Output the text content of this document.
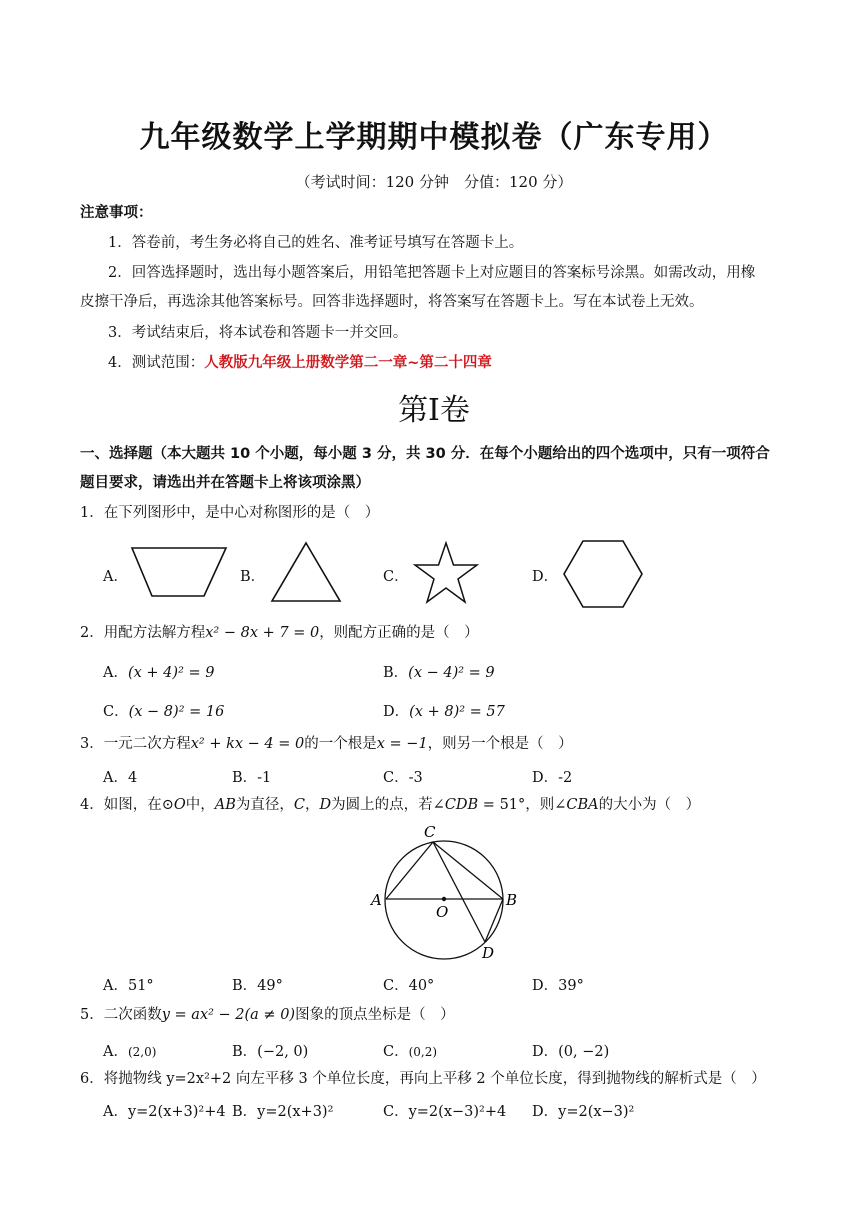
九年级数学上学期期中模拟卷（广东专用）
（考试时间：120 分钟　分值：120 分）
注意事项：
1．答卷前，考生务必将自己的姓名、准考证号填写在答题卡上。
2．回答选择题时，选出每小题答案后，用铅笔把答题卡上对应题目的答案标号涂黑。如需改动，用橡
皮擦干净后，再选涂其他答案标号。回答非选择题时，将答案写在答题卡上。写在本试卷上无效。
3．考试结束后，将本试卷和答题卡一并交回。
4．测试范围：人教版九年级上册数学第二一章~第二十四章
第I卷
一、选择题（本大题共 10 个小题，每小题 3 分，共 30 分．在每个小题给出的四个选项中，只有一项符合
题目要求，请选出并在答题卡上将该项涂黑）
1．在下列图形中，是中心对称图形的是（　）
A．	B．	C．	D．
2．用配方法解方程x² − 8x + 7 = 0，则配方正确的是（　）
A．(x + 4)² = 9	B．(x − 4)² = 9
C．(x − 8)² = 16	D．(x + 8)² = 57
3．一元二次方程x² + kx − 4 = 0的一个根是x = −1，则另一个根是（　）
A．4	B．-1	C．-3	D．-2
4．如图，在⊙O中，AB为直径，C，D为圆上的点，若∠CDB = 51°，则∠CBA的大小为（　）
C
A
O
B
D
A．51°	B．49°	C．40°	D．39°
5．二次函数y = ax² − 2(a ≠ 0)图象的顶点坐标是（　）
A．(2,0)	B．(−2, 0)	C．(0,2)	D．(0, −2)
6．将抛物线 y=2x²+2 向左平移 3 个单位长度，再向上平移 2 个单位长度，得到抛物线的解析式是（　）
A．y=2(x+3)²+4 B．y=2(x+3)²	C．y=2(x−3)²+4 D．y=2(x−3)²
